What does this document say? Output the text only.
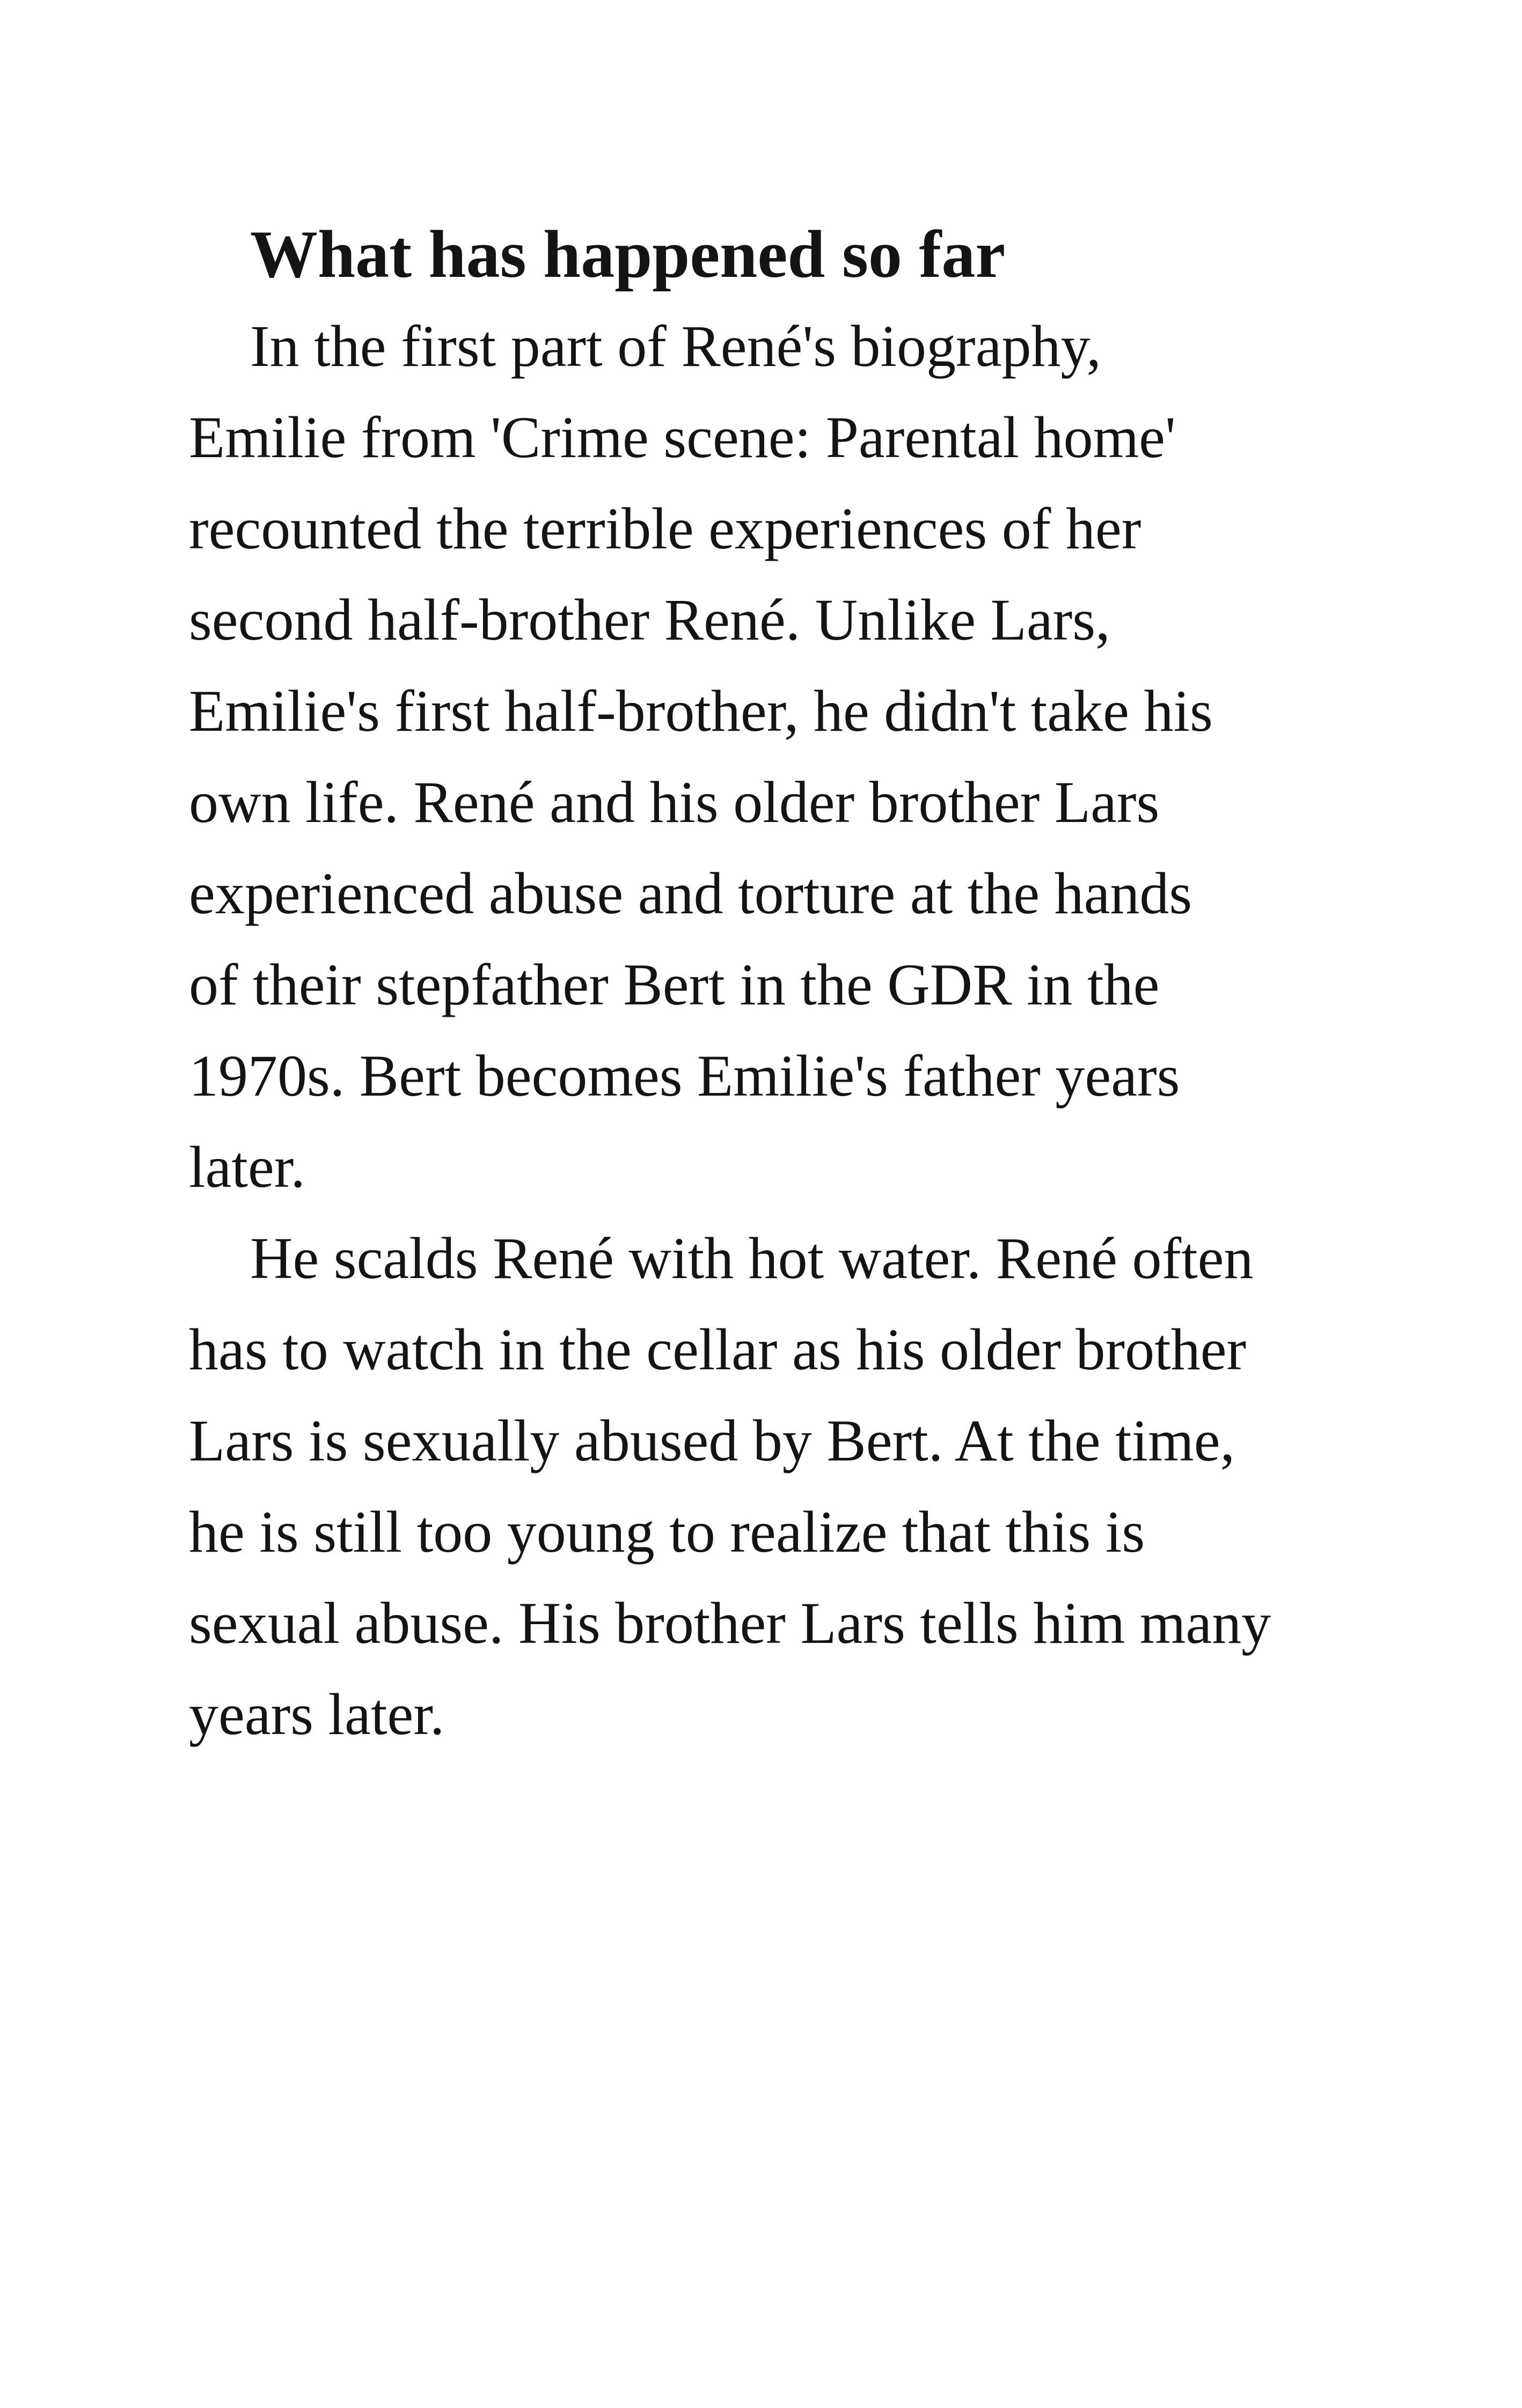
What has happened so far

In the first part of René's biography,
Emilie from 'Crime scene: Parental home'
recounted the terrible experiences of her
second half-brother René. Unlike Lars,
Emilie's first half-brother, he didn't take his
own life. René and his older brother Lars
experienced abuse and torture at the hands
of their stepfather Bert in the GDR in the
1970s. Bert becomes Emilie's father years
later.

He scalds René with hot water. René often
has to watch in the cellar as his older brother
Lars is sexually abused by Bert. At the time,
he is still too young to realize that this is
sexual abuse. His brother Lars tells him many
years later.
